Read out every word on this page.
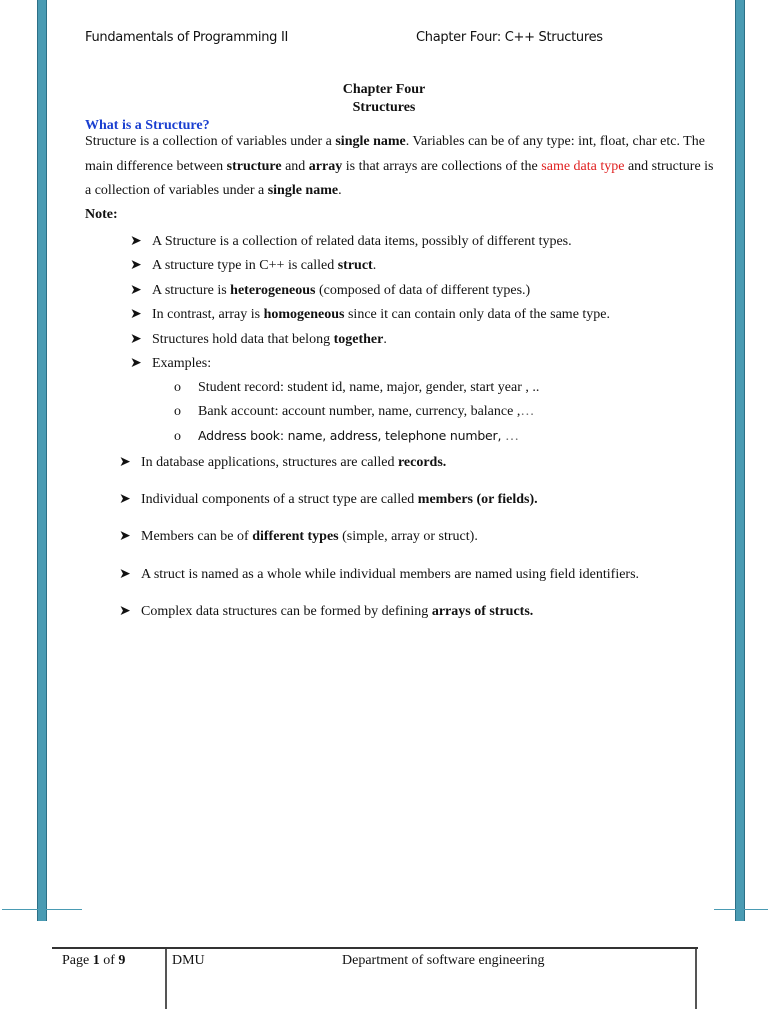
Fundamentals of Programming II	Chapter Four: C++ Structures
Chapter Four
Structures
What is a Structure?
Structure is a collection of variables under a single name. Variables can be of any type: int, float, char etc. The main difference between structure and array is that arrays are collections of the same data type and structure is a collection of variables under a single name.
Note:
➤ A Structure is a collection of related data items, possibly of different types.
➤ A structure type in C++ is called struct.
➤ A structure is heterogeneous (composed of data of different types.)
➤ In contrast, array is homogeneous since it can contain only data of the same type.
➤ Structures hold data that belong together.
➤ Examples:
o Student record: student id, name, major, gender, start year , ..
o Bank account: account number, name, currency, balance ,…
o Address book: name, address, telephone number, …
➤ In database applications, structures are called records.
➤ Individual components of a struct type are called members (or fields).
➤ Members can be of different types (simple, array or struct).
➤ A struct is named as a whole while individual members are named using field identifiers.
➤ Complex data structures can be formed by defining arrays of structs.
Page 1 of 9	DMU	Department of software engineering
